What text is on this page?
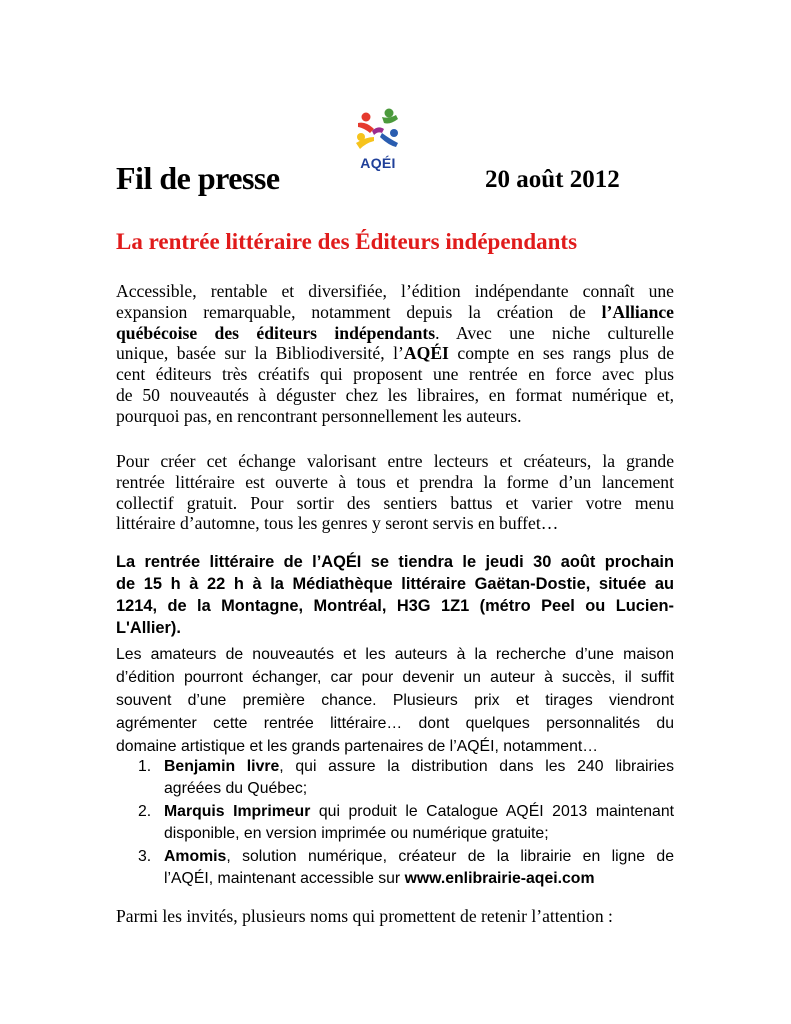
AQÉI
Fil de presse	20 août 2012
La rentrée littéraire des Éditeurs indépendants
Accessible, rentable et diversifiée, l’édition indépendante connaît une
expansion remarquable, notamment depuis la création de l’Alliance
québécoise des éditeurs indépendants. Avec une niche culturelle
unique, basée sur la Bibliodiversité, l’AQÉI compte en ses rangs plus de
cent éditeurs très créatifs qui proposent une rentrée en force avec plus
de 50 nouveautés à déguster chez les libraires, en format numérique et,
pourquoi pas, en rencontrant personnellement les auteurs.
Pour créer cet échange valorisant entre lecteurs et créateurs, la grande
rentrée littéraire est ouverte à tous et prendra la forme d’un lancement
collectif gratuit. Pour sortir des sentiers battus et varier votre menu
littéraire d’automne, tous les genres y seront servis en buffet…
La rentrée littéraire de l’AQÉI se tiendra le jeudi 30 août prochain
de 15 h à 22 h à la Médiathèque littéraire Gaëtan-Dostie, située au
1214, de la Montagne, Montréal, H3G 1Z1 (métro Peel ou Lucien-L'Allier).
Les amateurs de nouveautés et les auteurs à la recherche d’une maison
d’édition pourront échanger, car pour devenir un auteur à succès, il suffit
souvent d’une première chance. Plusieurs prix et tirages viendront
agrémenter cette rentrée littéraire… dont quelques personnalités du
domaine artistique et les grands partenaires de l’AQÉI, notamment…
1. Benjamin livre, qui assure la distribution dans les 240 librairies
agréées du Québec;
2. Marquis Imprimeur qui produit le Catalogue AQÉI 2013 maintenant
disponible, en version imprimée ou numérique gratuite;
3. Amomis, solution numérique, créateur de la librairie en ligne de
l’AQÉI, maintenant accessible sur www.enlibrairie-aqei.com
Parmi les invités, plusieurs noms qui promettent de retenir l’attention :
